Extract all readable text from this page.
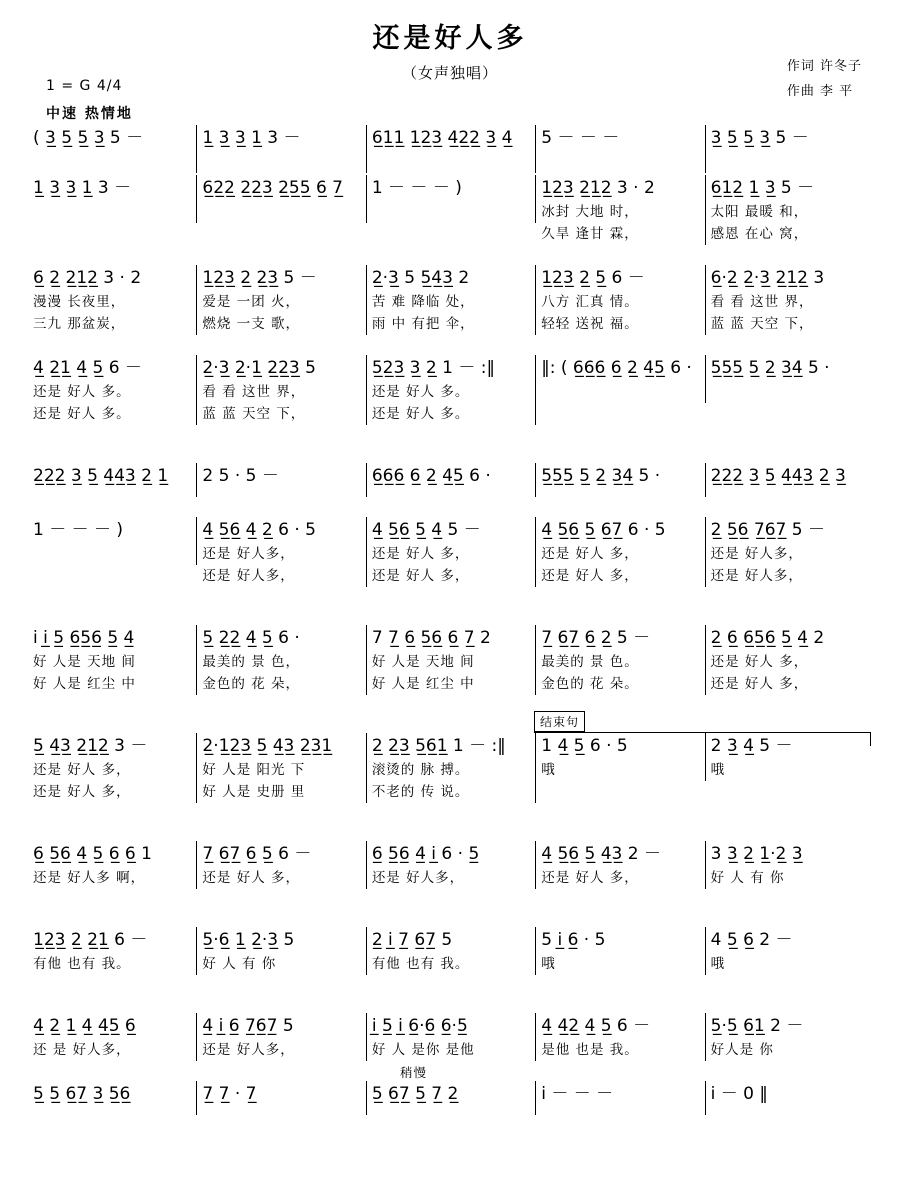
还是好人多
（女声独唱）	作词 许冬子
作曲 李 平
1 = G 4/4
中速 热情地
( 3̲ 5̲ 5̲ 3̲ 5 －	1̲ 3̲ 3̲ 1̲ 3 －	6̲1̲1̲ 1̲2̲3̲ 4̲2̲2̲ 3̲ 4̲	5 － － －	3̲ 5̲ 5̲ 3̲ 5 －
1̲ 3̲ 3̲ 1̲ 3 －	6̲2̲2̲ 2̲2̲3̲ 2̲5̲5̲ 6̲ 7̲	1 － － － )	1̲2̲3̲ 2̲1̲2̲ 3 · 2
冰封 大地 时， 久旱 逢甘 霖，
6̲1̲2̲ 1̲ 3̲ 5 －
太阳 最暖 和， 感恩 在心 窝，
6̲ 2̲ 2̲1̲2̲ 3 · 2
漫漫 长夜里， 三九 那盆炭，
1̲2̲3̲ 2̲ 2̲3̲ 5 －
爱是 一团 火， 燃烧 一支 歌，
2̲·3̲ 5 5̲4̲3̲ 2
苦 难 降临 处， 雨 中 有把 伞，
1̲2̲3̲ 2̲ 5̲ 6 －
八方 汇真 情。 轻轻 送祝 福。
6̲·2̲ 2̲·3̲ 2̲1̲2̲ 3
看 看 这世 界， 蓝 蓝 天空 下，
4̲ 2̲1̲ 4̲ 5̲ 6 －
还是 好人 多。 还是 好人 多。
2̲·3̲ 2̲·1̲ 2̲2̲3̲ 5
看 看 这世 界， 蓝 蓝 天空 下，
5̲2̲3̲ 3̲ 2̲ 1 － :‖
还是 好人 多。 还是 好人 多。
‖: ( 6̲6̲6̲ 6̲ 2̲ 4̲5̲ 6 ·	5̲5̲5̲ 5̲ 2̲ 3̲4̲ 5 ·
2̲2̲2̲ 3̲ 5̲ 4̲4̲3̲ 2̲ 1̲	2 5 · 5 －	6̲6̲6̲ 6̲ 2̲ 4̲5̲ 6 ·	5̲5̲5̲ 5̲ 2̲ 3̲4̲ 5 ·	2̲2̲2̲ 3̲ 5̲ 4̲4̲3̲ 2̲ 3̲
1 － － － )	4̲ 5̲6̲ 4̲ 2̲ 6 · 5
还是 好人多， 还是 好人多，
4̲ 5̲6̲ 5̲ 4̲ 5 －
还是 好人 多， 还是 好人 多，
4̲ 5̲6̲ 5̲ 6̲7̲ 6 · 5
还是 好人 多， 还是 好人 多，
2̲ 5̲6̲ 7̲6̲7̲ 5 －
还是 好人多， 还是 好人多，
i i̲ 5̲ 6̲5̲6̲ 5̲ 4̲
好 人是 天地 间 好 人是 红尘 中
5̲ 2̲2̲ 4̲ 5̲ 6 ·
最美的 景 色， 金色的 花 朵，
7 7̲ 6̲ 5̲6̲ 6̲ 7̲ 2
好 人是 天地 间 好 人是 红尘 中
7̲ 6̲7̲ 6̲ 2̲ 5 －
最美的 景 色。 金色的 花 朵。
2̲ 6̲ 6̲5̲6̲ 5̲ 4̲ 2
还是 好人 多， 还是 好人 多，
结束句
5̲ 4̲3̲ 2̲1̲2̲ 3 －
还是 好人 多， 还是 好人 多，
2̲·1̲2̲3̲ 5̲ 4̲3̲ 2̲3̲1̲
好 人是 阳光 下 好 人是 史册 里
2̲ 2̲3̲ 5̲6̲1̲ 1 － :‖
滚烫的 脉 搏。 不老的 传 说。
1 4̲ 5̲ 6 · 5
哦
2 3̲ 4̲ 5 －
哦
6̲ 5̲6̲ 4̲ 5̲ 6̲ 6̲ 1
还是 好人多 啊，
7̲ 6̲7̲ 6̲ 5̲ 6 －
还是 好人 多，
6̲ 5̲6̲ 4̲ i̲ 6 · 5̲
还是 好人多，
4̲ 5̲6̲ 5̲ 4̲3̲ 2 －
还是 好人 多，
3 3̲ 2̲ 1̲·2̲ 3̲
好 人 有 你
1̲2̲3̲ 2̲ 2̲1̲ 6 －
有他 也有 我。
5̲·6̲ 1̲ 2̲·3̲ 5
好 人 有 你
2̲ i̲ 7̲ 6̲7̲ 5
有他 也有 我。
5 i̲ 6̲ · 5
哦
4 5̲ 6̲ 2 －
哦
4̲ 2̲ 1̲ 4̲ 4̲5̲ 6̲
还 是 好人多，
4̲ i̲ 6̲ 7̲6̲7̲ 5
还是 好人多，
i̲ 5̲ i̲ 6̲·6̲ 6̲·5̲
好 人 是你 是他
4̲ 4̲2̲ 4̲ 5̲ 6 －
是他 也是 我。
5̲·5̲ 6̲1̲ 2 －
好人是 你
稍慢
5̲ 5̲ 6̲7̲ 3̲ 5̲6̲	7̲ 7̲ · 7̲	5̲ 6̲7̲ 5̲ 7̲ 2̲	i － － －	i － 0 ‖
